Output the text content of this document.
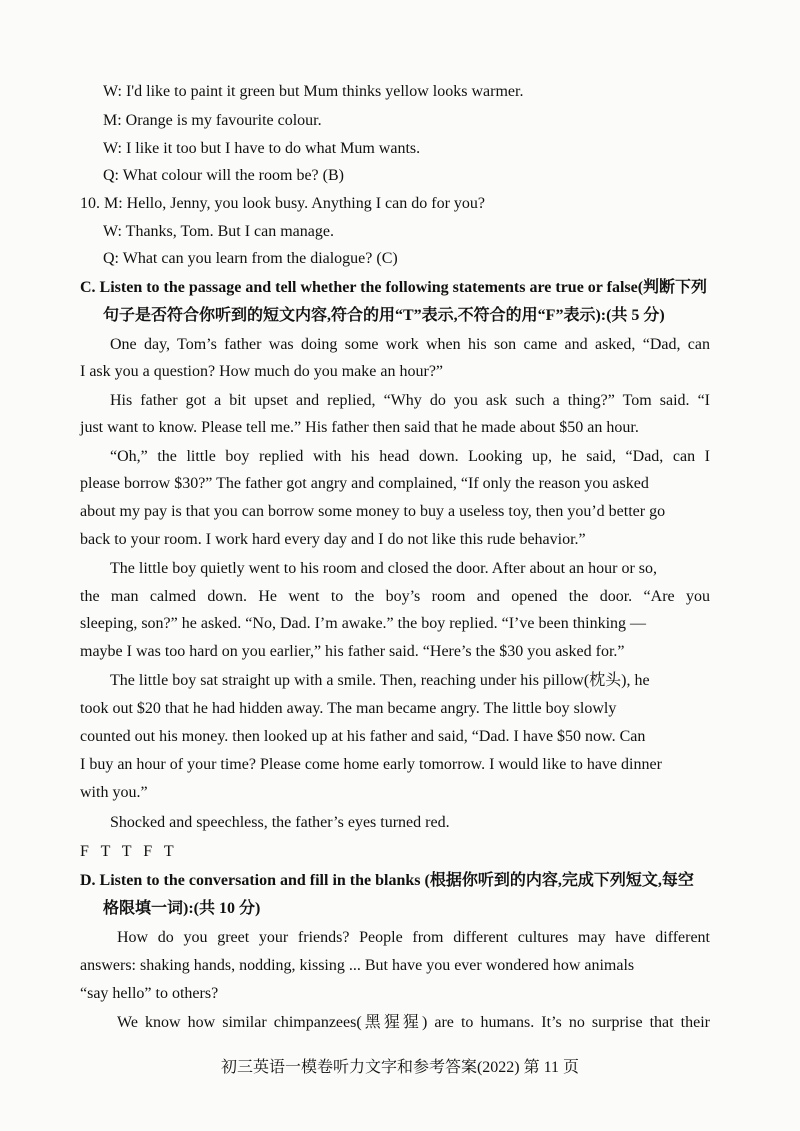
W: I'd like to paint it green but Mum thinks yellow looks warmer.
M: Orange is my favourite colour.
W: I like it too but I have to do what Mum wants.
Q: What colour will the room be? (B)
10. M: Hello, Jenny, you look busy. Anything I can do for you?
W: Thanks, Tom. But I can manage.
Q: What can you learn from the dialogue? (C)
C. Listen to the passage and tell whether the following statements are true or false(判断下列
句子是否符合你听到的短文内容,符合的用“T”表示,不符合的用“F”表示):(共 5 分)
One day, Tom’s father was doing some work when his son came and asked, “Dad, can
I ask you a question? How much do you make an hour?”
His father got a bit upset and replied, “Why do you ask such a thing?” Tom said. “I
just want to know. Please tell me.” His father then said that he made about $50 an hour.
“Oh,” the little boy replied with his head down. Looking up, he said, “Dad, can I
please borrow $30?” The father got angry and complained, “If only the reason you asked
about my pay is that you can borrow some money to buy a useless toy, then you’d better go
back to your room. I work hard every day and I do not like this rude behavior.”
The little boy quietly went to his room and closed the door. After about an hour or so,
the man calmed down. He went to the boy’s room and opened the door. “Are you
sleeping, son?” he asked. “No, Dad. I’m awake.” the boy replied. “I’ve been thinking —
maybe I was too hard on you earlier,” his father said. “Here’s the $30 you asked for.”
The little boy sat straight up with a smile. Then, reaching under his pillow(枕头), he
took out $20 that he had hidden away. The man became angry. The little boy slowly
counted out his money. then looked up at his father and said, “Dad. I have $50 now. Can
I buy an hour of your time? Please come home early tomorrow. I would like to have dinner
with you.”
Shocked and speechless, the father’s eyes turned red.
F   T   T   F   T
D. Listen to the conversation and fill in the blanks (根据你听到的内容,完成下列短文,每空
格限填一词):(共 10 分)
How do you greet your friends? People from different cultures may have different
answers: shaking hands, nodding, kissing ... But have you ever wondered how animals
“say hello” to others?
We know how similar chimpanzees(黑猩猩) are to humans. It’s no surprise that their
初三英语一模卷听力文字和参考答案(2022) 第 11 页
